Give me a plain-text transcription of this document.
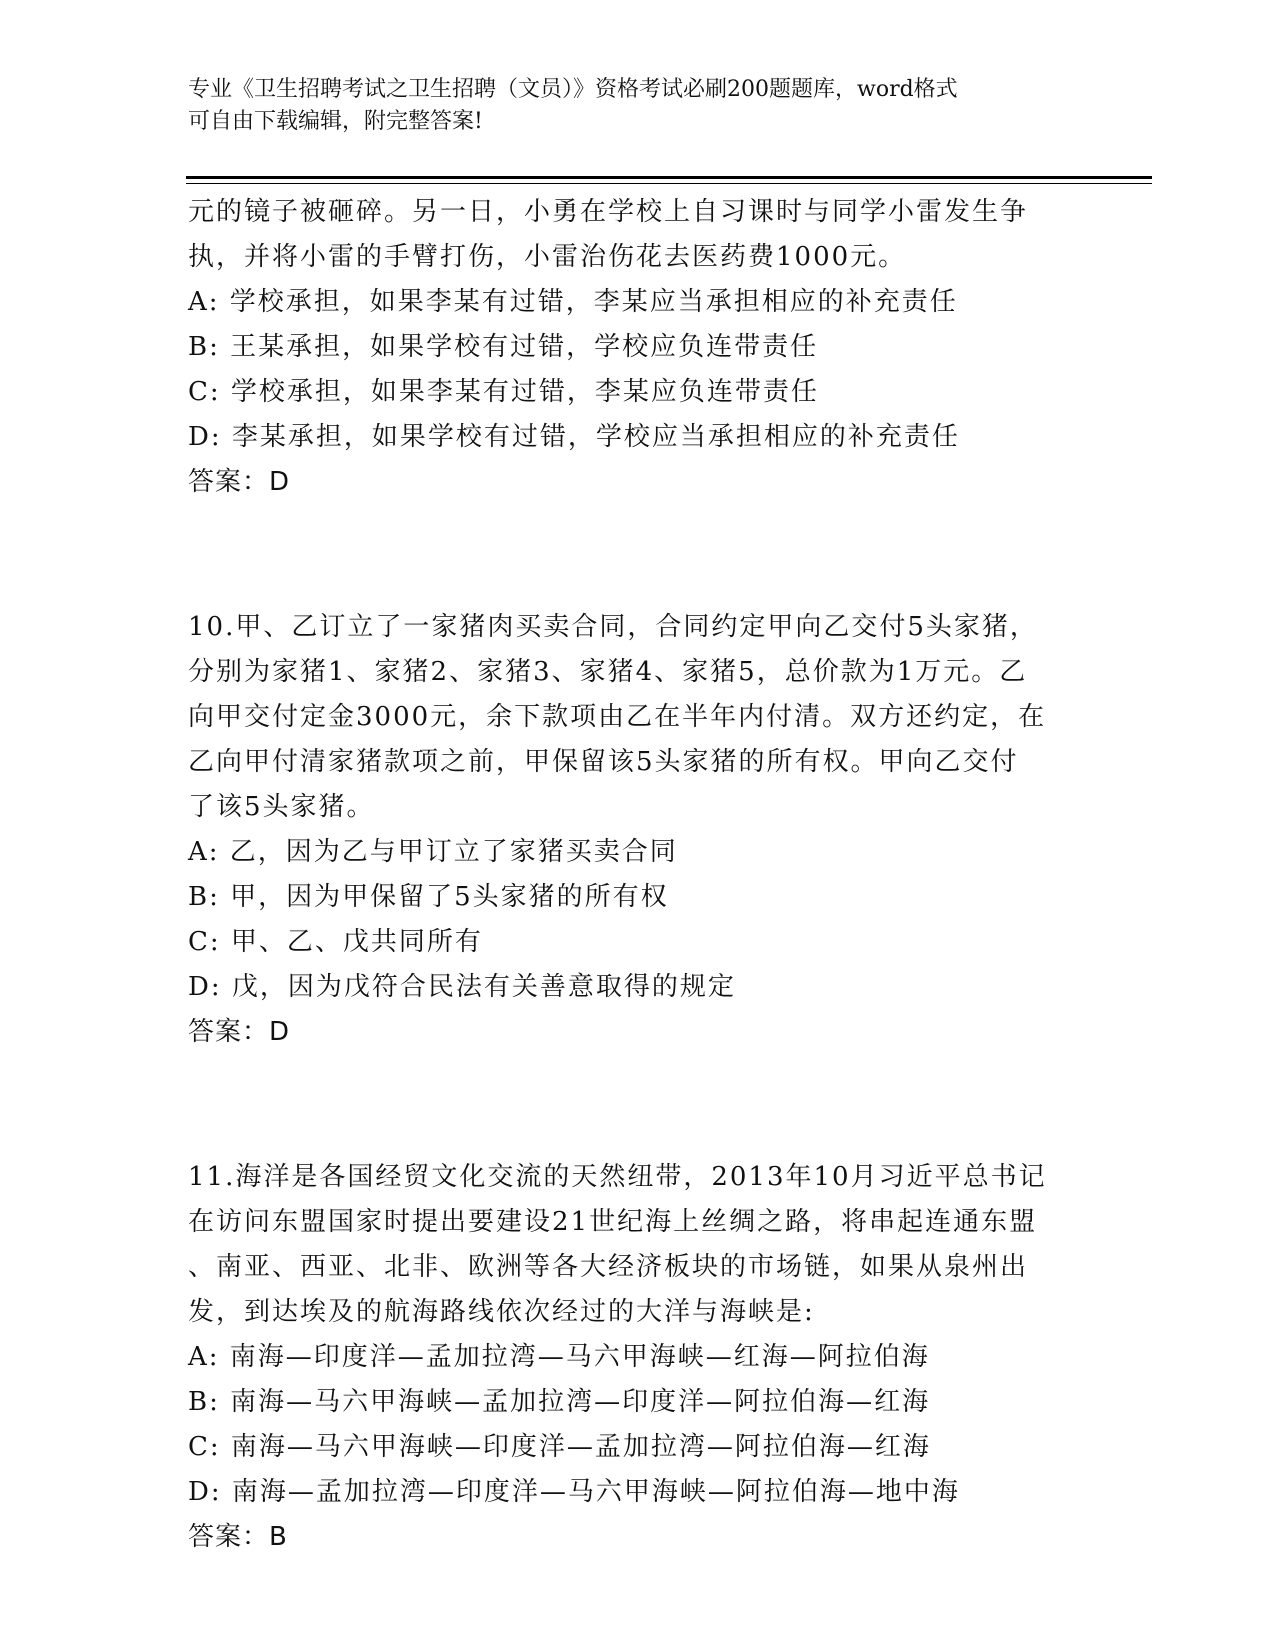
专业《卫生招聘考试之卫生招聘（文员）》资格考试必刷200题题库，word格式
可自由下载编辑，附完整答案!
元的镜子被砸碎。另一日，小勇在学校上自习课时与同学小雷发生争
执，并将小雷的手臂打伤，小雷治伤花去医药费1000元。
A: 学校承担，如果李某有过错，李某应当承担相应的补充责任
B: 王某承担，如果学校有过错，学校应负连带责任
C: 学校承担，如果李某有过错，李某应负连带责任
D: 李某承担，如果学校有过错，学校应当承担相应的补充责任
答案：D
10.甲、乙订立了一家猪肉买卖合同，合同约定甲向乙交付5头家猪，
分别为家猪1、家猪2、家猪3、家猪4、家猪5，总价款为1万元。乙
向甲交付定金3000元，余下款项由乙在半年内付清。双方还约定，在
乙向甲付清家猪款项之前，甲保留该5头家猪的所有权。甲向乙交付
了该5头家猪。
A: 乙，因为乙与甲订立了家猪买卖合同
B: 甲，因为甲保留了5头家猪的所有权
C: 甲、乙、戊共同所有
D: 戊，因为戊符合民法有关善意取得的规定
答案：D
11.海洋是各国经贸文化交流的天然纽带，2013年10月习近平总书记
在访问东盟国家时提出要建设21世纪海上丝绸之路，将串起连通东盟
、南亚、西亚、北非、欧洲等各大经济板块的市场链，如果从泉州出
发，到达埃及的航海路线依次经过的大洋与海峡是:
A: 南海—印度洋—孟加拉湾—马六甲海峡—红海—阿拉伯海
B: 南海—马六甲海峡—孟加拉湾—印度洋—阿拉伯海—红海
C: 南海—马六甲海峡—印度洋—孟加拉湾—阿拉伯海—红海
D: 南海—孟加拉湾—印度洋—马六甲海峡—阿拉伯海—地中海
答案：B
